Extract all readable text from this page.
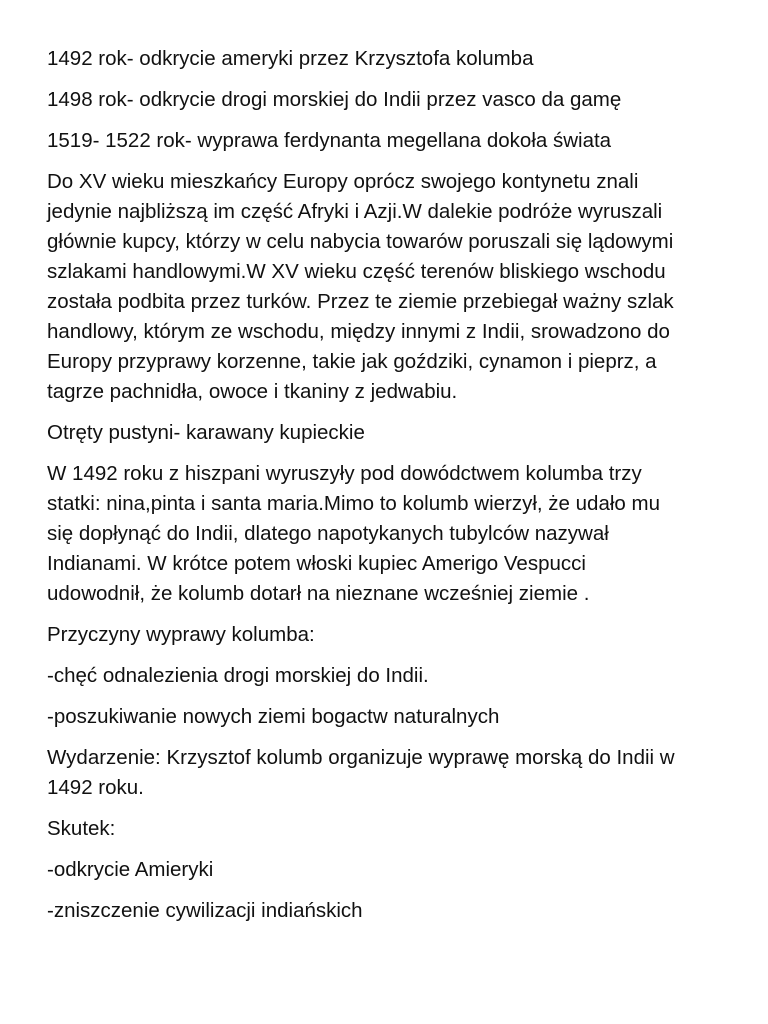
1492 rok- odkrycie ameryki przez Krzysztofa kolumba

1498 rok- odkrycie drogi morskiej do Indii przez vasco da gamę

1519- 1522 rok- wyprawa ferdynanta megellana dokoła świata

Do XV wieku mieszkańcy Europy oprócz swojego kontynetu znali
jedynie najbliższą im część Afryki i Azji.W dalekie podróże wyruszali
głównie kupcy, którzy w celu nabycia towarów poruszali się lądowymi
szlakami handlowymi.W XV wieku część terenów bliskiego wschodu
została podbita przez turków. Przez te ziemie przebiegał ważny szlak
handlowy, którym ze wschodu, między innymi z Indii, srowadzono do
Europy przyprawy korzenne, takie jak goździki, cynamon i pieprz, a
tagrze pachnidła, owoce i tkaniny z jedwabiu.

Otręty pustyni- karawany kupieckie

W 1492 roku z hiszpani wyruszyły pod dowódctwem kolumba trzy
statki: nina,pinta i santa maria.Mimo to kolumb wierzył, że udało mu
się dopłynąć do Indii, dlatego napotykanych tubylców nazywał
Indianami. W krótce potem włoski kupiec Amerigo Vespucci
udowodnił, że kolumb dotarł na nieznane wcześniej ziemie .

Przyczyny wyprawy kolumba:

-chęć odnalezienia drogi morskiej do Indii.

-poszukiwanie nowych ziemi bogactw naturalnych

Wydarzenie: Krzysztof kolumb organizuje wyprawę morską do Indii w
1492 roku.

Skutek:

-odkrycie Amieryki

-zniszczenie cywilizacji indiańskich
